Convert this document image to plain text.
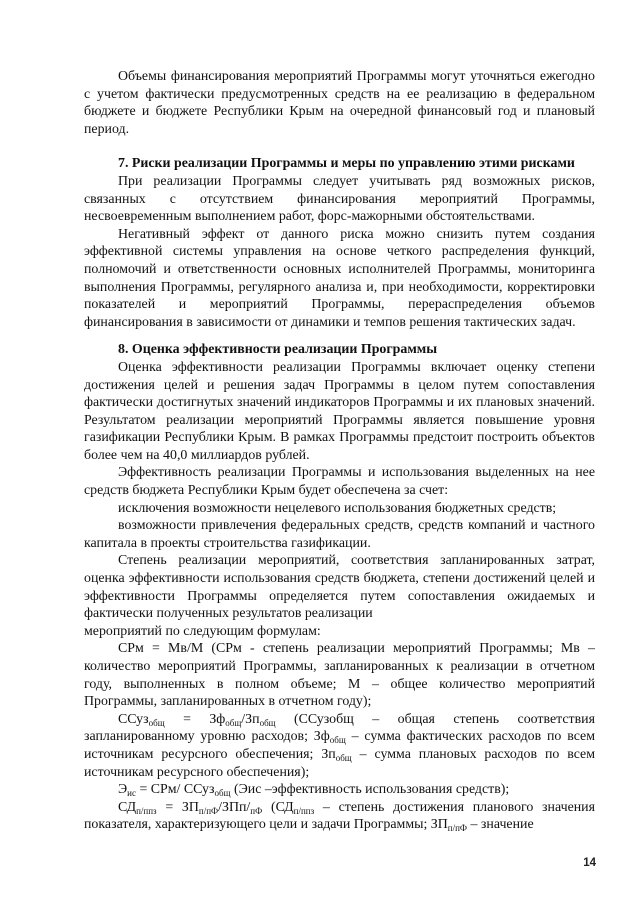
Объемы финансирования мероприятий Программы могут уточняться ежегодно с учетом фактически предусмотренных средств на ее реализацию в федеральном бюджете и бюджете Республики Крым на очередной финансовый год и плановый период.

7. Риски реализации Программы и меры по управлению этими рисками

При реализации Программы следует учитывать ряд возможных рисков, связанных с отсутствием финансирования мероприятий Программы, несвоевременным выполнением работ, форс-мажорными обстоятельствами.

Негативный эффект от данного риска можно снизить путем создания эффективной системы управления на основе четкого распределения функций, полномочий и ответственности основных исполнителей Программы, мониторинга выполнения Программы, регулярного анализа и, при необходимости, корректировки показателей и мероприятий Программы, перераспределения объемов финансирования в зависимости от динамики и темпов решения тактических задач.

8. Оценка эффективности реализации Программы

Оценка эффективности реализации Программы включает оценку степени достижения целей и решения задач Программы в целом путем сопоставления фактически достигнутых значений индикаторов Программы и их плановых значений. Результатом реализации мероприятий Программы является повышение уровня газификации Республики Крым. В рамках Программы предстоит построить объектов более чем на 40,0 миллиардов рублей.

Эффективность реализации Программы и использования выделенных на нее средств бюджета Республики Крым будет обеспечена за счет:

исключения возможности нецелевого использования бюджетных средств;

возможности привлечения федеральных средств, средств компаний и частного капитала в проекты строительства газификации.

Степень реализации мероприятий, соответствия запланированных затрат, оценка эффективности использования средств бюджета, степени достижений целей и эффективности Программы определяется путем сопоставления ожидаемых и фактически полученных результатов реализации

мероприятий по следующим формулам:

СРм = Мв/М (СРм - степень реализации мероприятий Программы; Мв – количество мероприятий Программы, запланированных к реализации в отчетном году, выполненных в полном объеме; М – общее количество мероприятий Программы, запланированных в отчетном году);

ССуз$_{общ}$ = $Зф_{общ}/Зп_{общ}$ (ССузобщ – общая степень соответствия запланированному уровню расходов; $Зф_{общ}$ – сумма фактических расходов по всем источникам ресурсного обеспечения; $Зп_{общ}$ – сумма плановых расходов по всем источникам ресурсного обеспечения);

$Э_{ис} = СРм/$ ССуз$_{общ}$ (Эис –эффективность использования средств);

$СД_{п/ппз} = ЗП_{п/пФ}/ЗПп/_{пФ}$ ($СД_{п/ппз}$ – степень достижения планового значения показателя, характеризующего цели и задачи Программы; $ЗП_{п/пФ}$ – значение

14
